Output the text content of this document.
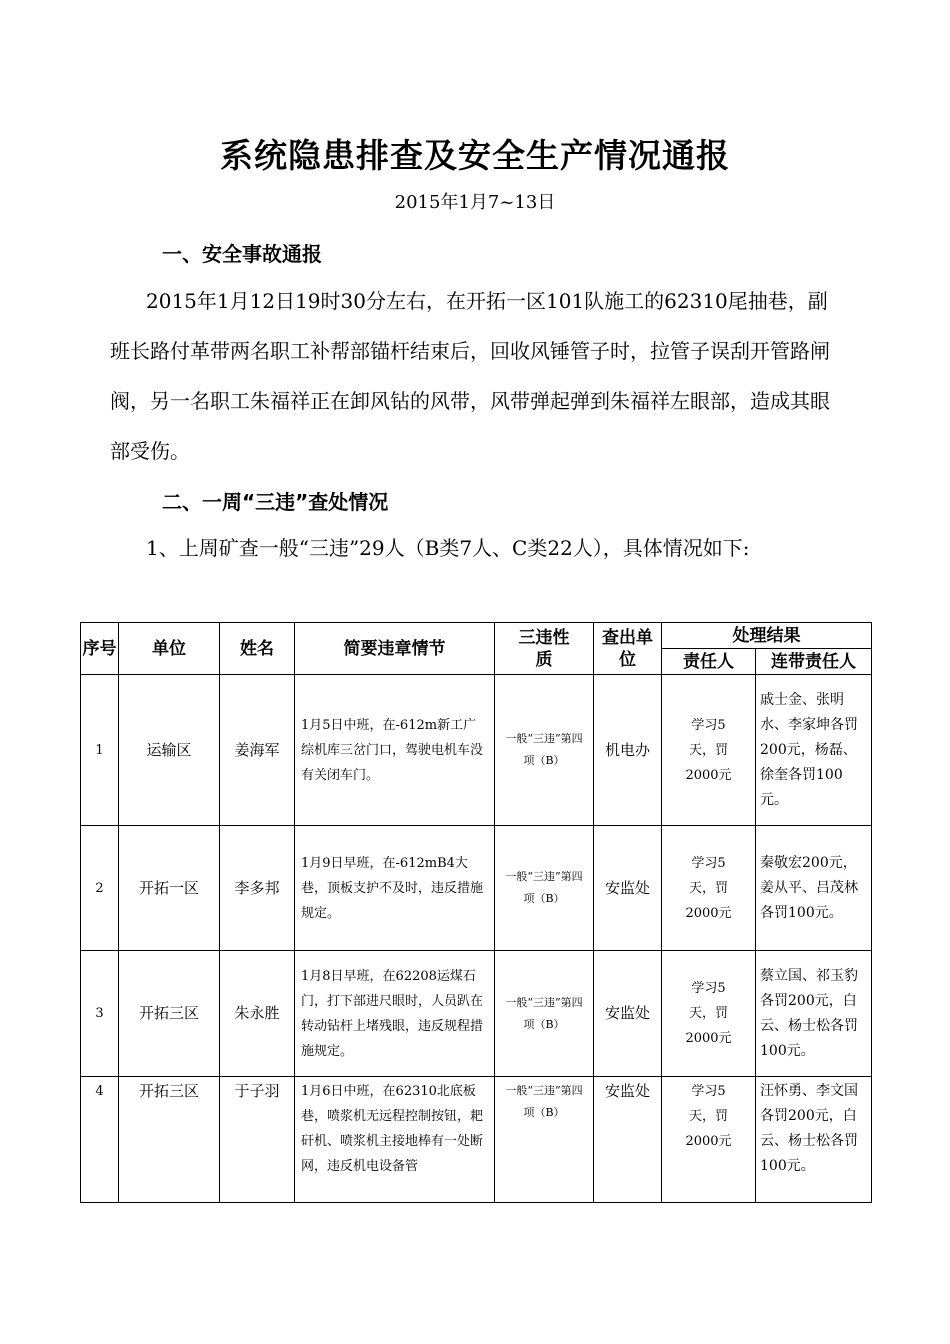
系统隐患排查及安全生产情况通报
2015年1月7~13日
一、安全事故通报

2015年1月12日19时30分左右，在开拓一区101队施工的62310尾抽巷，副班长路付革带两名职工补帮部锚杆结束后，回收风锤管子时，拉管子误刮开管路闸阀，另一名职工朱福祥正在卸风钻的风带，风带弹起弹到朱福祥左眼部，造成其眼部受伤。

二、一周“三违”查处情况

1、上周矿查一般“三违”29人（B类7人、C类22人），具体情况如下:

序号	单位	姓名	简要违章情节	三违性质	查出单位	处理结果	
						责任人	连带责任人
1	运输区	姜海军	1月5日中班，在-612m新工广综机库三岔门口，驾驶电机车没有关闭车门。	一般“三违”第四项（B）	机电办	学习5天，罚2000元	戚士金、张明水、李家坤各罚200元，杨磊、徐奎各罚100元。
2	开拓一区	李多邦	1月9日早班，在-612mB4大巷，顶板支护不及时，违反措施规定。	一般“三违”第四项（B）	安监处	学习5天，罚2000元	秦敬宏200元，姜从平、吕茂林各罚100元。
3	开拓三区	朱永胜	1月8日早班，在62208运煤石门，打下部进尺眼时，人员趴在转动钻杆上堵残眼，违反规程措施规定。	一般“三违”第四项（B）	安监处	学习5天，罚2000元	蔡立国、祁玉豹各罚200元，白云、杨士松各罚100元。
4	开拓三区	于子羽	1月6日中班，在62310北底板巷，喷浆机无远程控制按钮，耙矸机、喷浆机主接地棒有一处断网，违反机电设备管	一般“三违”第四项（B）	安监处	学习5天，罚2000元	汪怀勇、李文国各罚200元，白云、杨士松各罚100元。
